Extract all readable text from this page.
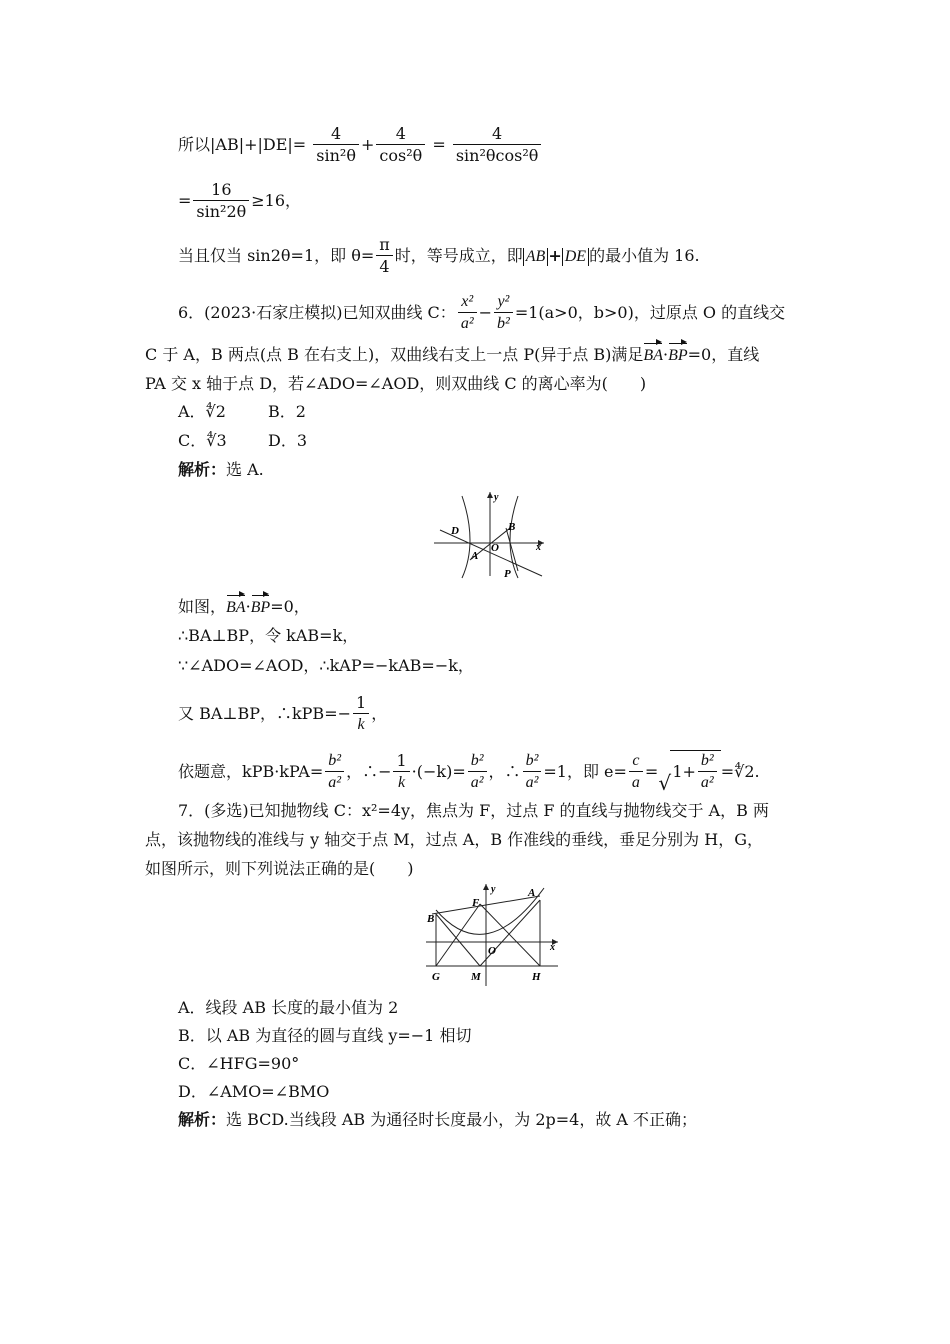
所以$|AB|+|DE|= \frac{4}{\text{sin²θ}} + \frac{4}{\text{cos²θ}} = \frac{4}{\text{sin²θcos²θ}}$
= $\frac{16}{\text{sin²2θ}} \ge 16$，
当且仅当 sin2θ=1，即 $\theta= \frac{\pi}{4}$ 时，等号成立，即 AB + DE 的最小值为 16.
6．(2023·石家庄模拟)已知双曲线 C： $\frac{\text{x²}}{\text{a²}} - \frac{\text{y²}}{\text{b²}} =1(a>0$，b>0)，过原点 O 的直线交
C 于 A，B 两点(点 B 在右支上)，双曲线右支上一点 P(异于点 B)满足BA·BP=0，直线
PA 交 x 轴于点 D，若∠ADO=∠AOD，则双曲线 C 的离心率为(　　)
A．∜2	B．2
C．∜3	D．3
解析：选 A.
y
D	B
O
A
x
P
如图，BA·BP=0，
∴BA⊥BP，令 kAB=k，
∵∠ADO=∠AOD，∴kAP=−kAB=−k，
又 BA⊥BP，∴kPB=− $\frac{1}{k}$ ，
依题意，$kPB\cdot kPA= \frac{\text{b²}}{\text{a²}}$ ，∴− $\frac{1}{k} \cdot(-k)= \frac{\text{b²}}{\text{a²}}$ ，∴ $\frac{\text{b²}}{\text{a²}} =1$，即 $e= \frac{c}{a}$ = √ $1+ \frac{\text{b²}}{\text{a²}}$ =∜2.
7．(多选)已知抛物线 C：x²=4y，焦点为 F，过点 F 的直线与抛物线交于 A，B 两
点，该抛物线的准线与 y 轴交于点 M，过点 A，B 作准线的垂线，垂足分别为 H，G，
如图所示，则下列说法正确的是(　　)
y	A
F
B
O	x
G	M	H
A．线段 AB 长度的最小值为 2
B．以 AB 为直径的圆与直线 y=−1 相切
C．∠HFG=90°
D．∠AMO=∠BMO
解析：选 BCD.当线段 AB 为通径时长度最小，为 2p=4，故 A 不正确；
